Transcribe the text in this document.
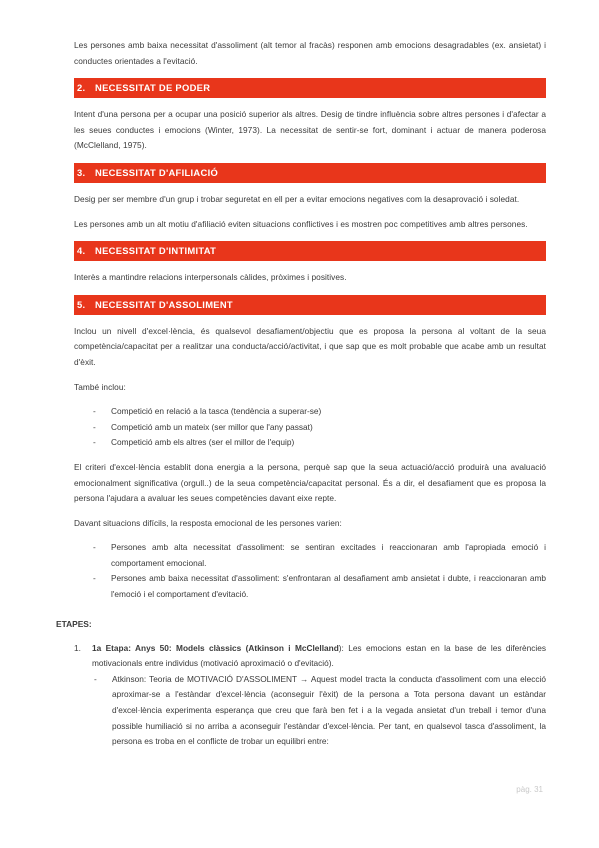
Les persones amb baixa necessitat d'assoliment (alt temor al fracàs) responen amb emocions desagradables (ex. ansietat) i conductes orientades a l'evitació.

2. NECESSITAT DE PODER

Intent d'una persona per a ocupar una posició superior als altres. Desig de tindre influència sobre altres persones i d'afectar a les seues conductes i emocions (Winter, 1973). La necessitat de sentir-se fort, dominant i actuar de manera poderosa (McClelland, 1975).

3. NECESSITAT D'AFILIACIÓ

Desig per ser membre d'un grup i trobar seguretat en ell per a evitar emocions negatives com la desaprovació i soledat.

Les persones amb un alt motiu d'afiliació eviten situacions conflictives i es mostren poc competitives amb altres persones.

4. NECESSITAT D'INTIMITAT

Interès a mantindre relacions interpersonals càlides, pròximes i positives.

5. NECESSITAT D'ASSOLIMENT

Inclou un nivell d'excel·lència, és qualsevol desafiament/objectiu que es proposa la persona al voltant de la seua competència/capacitat per a realitzar una conducta/acció/activitat, i que sap que es molt probable que acabe amb un resultat d'èxit.

També inclou:

- Competició en relació a la tasca (tendència a superar-se)
- Competició amb un mateix (ser millor que l'any passat)
- Competició amb els altres (ser el millor de l'equip)

El criteri d'excel·lència establit dona energia a la persona, perquè sap que la seua actuació/acció produirà una avaluació emocionalment significativa (orgull..) de la seua competència/capacitat personal. És a dir, el desafiament que es proposa la persona l'ajudara a avaluar les seues competències davant eixe repte.

Davant situacions difícils, la resposta emocional de les persones varien:

- Persones amb alta necessitat d'assoliment: se sentiran excitades i reaccionaran amb l'apropiada emoció i comportament emocional.
- Persones amb baixa necessitat d'assoliment: s'enfrontaran al desafiament amb ansietat i dubte, i reaccionaran amb l'emoció i el comportament d'evitació.
ETAPES:
1. 1a Etapa: Anys 50: Models clàssics (Atkinson i McClelland): Les emocions estan en la base de les diferències motivacionals entre individus (motivació aproximació o d'evitació).
- Atkinson: Teoria de MOTIVACIÓ D'ASSOLIMENT → Aquest model tracta la conducta d'assoliment com una elecció aproximar-se a l'estàndar d'excel·lència (aconseguir l'èxit) de la persona a Tota persona davant un estàndar d'excel·lència experimenta esperança que creu que farà ben fet i a la vegada ansietat d'un treball i temor d'una possible humiliació si no arriba a aconseguir l'estàndar d'excel·lència. Per tant, en qualsevol tasca d'assoliment, la persona es troba en el conflicte de trobar un equilibri entre:
pàg. 31
